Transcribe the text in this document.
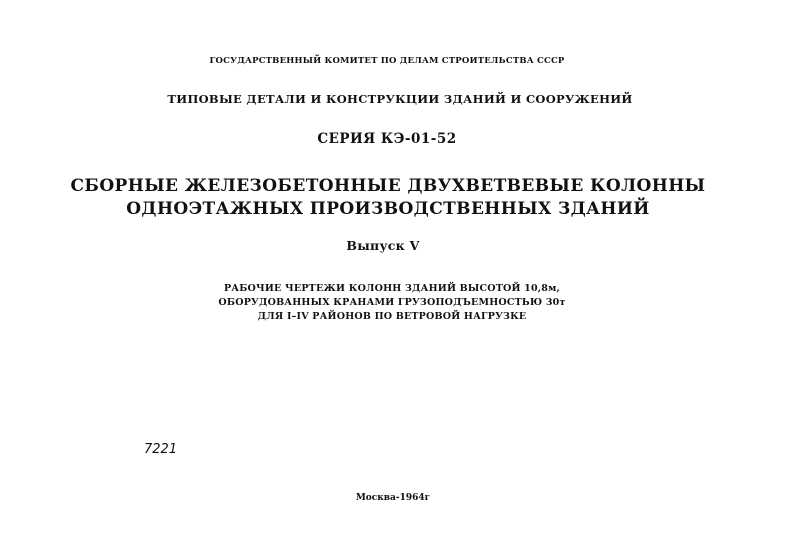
ГОСУДАРСТВЕННЫЙ КОМИТЕТ ПО ДЕЛАМ СТРОИТЕЛЬСТВА СССР
ТИПОВЫЕ ДЕТАЛИ И КОНСТРУКЦИИ ЗДАНИЙ И СООРУЖЕНИЙ
СЕРИЯ КЭ-01-52
СБОРНЫЕ ЖЕЛЕЗОБЕТОННЫЕ ДВУХВЕТВЕВЫЕ КОЛОННЫ
ОДНОЭТАЖНЫХ ПРОИЗВОДСТВЕННЫХ ЗДАНИЙ
Выпуск V
РАБОЧИЕ ЧЕРТЕЖИ КОЛОНН ЗДАНИЙ ВЫСОТОЙ 10,8м,
ОБОРУДОВАННЫХ КРАНАМИ ГРУЗОПОДЪЕМНОСТЬЮ 30т
ДЛЯ I–IV РАЙОНОВ ПО ВЕТРОВОЙ НАГРУЗКЕ
7221
Москва-1964г
